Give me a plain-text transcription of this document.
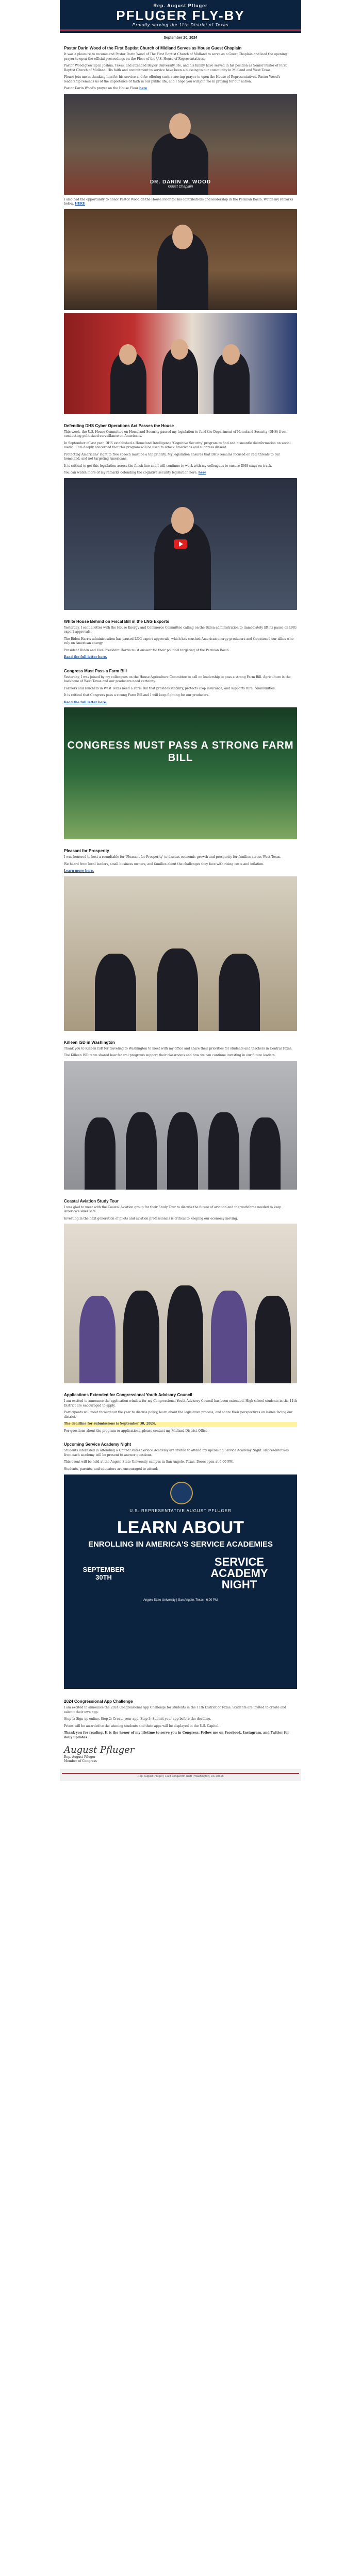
Rep. August Pfluger
PFLUGER FLY-BY
Proudly serving the 11th District of Texas
September 20, 2024
Pastor Darin Wood of the First Baptist Church of Midland Serves as House Guest Chaplain

It was a pleasure to recommend Pastor Darin Wood of The First Baptist Church of Midland to serve as a Guest Chaplain and lead the opening prayer to open the official proceedings on the Floor of the U.S. House of Representatives.

Pastor Wood grew up in Joshua, Texas, and attended Baylor University. He, and his family have served in his position as Senior Pastor of First Baptist Church of Midland. His faith and commitment to service have been a blessing to our community in Midland and West Texas.

Please join me in thanking him for his service and for offering such a moving prayer to open the House of Representatives. Pastor Wood's leadership reminds us of the importance of faith in our public life, and I hope you will join me in praying for our nation.

Pastor Darin Wood's prayer on the House Floor here

DR. DARIN W. WOOD
Guest Chaplain

I also had the opportunity to honor Pastor Wood on the House Floor for his contributions and leadership in the Permian Basin. Watch my remarks below. HERE

Defending DHS Cyber Operations Act Passes the House

This week, the U.S. House Committee on Homeland Security passed my legislation to fund the Department of Homeland Security (DHS) from conducting politicized surveillance on Americans.

In September of last year, DHS established a Homeland Intelligence 'Cognitive Security' program to find and dismantle disinformation on social media. I am deeply concerned that this program will be used to attack Americans and suppress dissent.

Protecting Americans' right to free speech must be a top priority. My legislation ensures that DHS remains focused on real threats to our homeland, and not targeting Americans.

It is critical to get this legislation across the finish line and I will continue to work with my colleagues to ensure DHS stays on track.

You can watch more of my remarks defending the cognitive security legislation here. here

White House Behind on Fiscal Bill in the LNG Exports

Yesterday, I sent a letter with the House Energy and Commerce Committee calling on the Biden administration to immediately lift its pause on LNG export approvals.

The Biden-Harris administration has paused LNG export approvals, which has crushed American energy producers and threatened our allies who rely on American energy.

President Biden and Vice President Harris must answer for their political targeting of the Permian Basin.

Read the full letter here.

Congress Must Pass a Farm Bill

Yesterday, I was joined by my colleagues on the House Agriculture Committee to call on leadership to pass a strong Farm Bill. Agriculture is the backbone of West Texas and our producers need certainty.

Farmers and ranchers in West Texas need a Farm Bill that provides stability, protects crop insurance, and supports rural communities.

It is critical that Congress pass a strong Farm Bill and I will keep fighting for our producers.

Read the full letter here.

CONGRESS MUST PASS A STRONG FARM BILL
Pleasant for Prosperity

I was honored to host a roundtable for 'Pleasant for Prosperity' to discuss economic growth and prosperity for families across West Texas.

We heard from local leaders, small business owners, and families about the challenges they face with rising costs and inflation.

Learn more here.

Killeen ISD in Washington

Thank you to Killeen ISD for traveling to Washington to meet with my office and share their priorities for students and teachers in Central Texas.

The Killeen ISD team shared how federal programs support their classrooms and how we can continue investing in our future leaders.

Coastal Aviation Study Tour

I was glad to meet with the Coastal Aviation group for their Study Tour to discuss the future of aviation and the workforce needed to keep America's skies safe.

Investing in the next generation of pilots and aviation professionals is critical to keeping our economy moving.

Applications Extended for Congressional Youth Advisory Council

I am excited to announce the application window for my Congressional Youth Advisory Council has been extended. High school students in the 11th District are encouraged to apply.

Participants will meet throughout the year to discuss policy, learn about the legislative process, and share their perspectives on issues facing our district.

The deadline for submissions is September 30, 2024.

For questions about the program or applications, please contact my Midland District Office.

Upcoming Service Academy Night

Students interested in attending a United States Service Academy are invited to attend my upcoming Service Academy Night. Representatives from each academy will be present to answer questions.

This event will be held at the Angelo State University campus in San Angelo, Texas. Doors open at 6:00 PM.

Students, parents, and educators are encouraged to attend.

U.S. REPRESENTATIVE AUGUST PFLUGER
LEARN ABOUT
ENROLLING IN AMERICA'S SERVICE ACADEMIES
SEPTEMBER 30TH
SERVICE ACADEMY NIGHT
Angelo State University | San Angelo, Texas | 6:00 PM
2024 Congressional App Challenge

I am excited to announce the 2024 Congressional App Challenge for students in the 11th District of Texas. Students are invited to create and submit their own app.

Step 1: Sign up online. Step 2: Create your app. Step 3: Submit your app before the deadline.

Prizes will be awarded to the winning students and their apps will be displayed in the U.S. Capitol.

Thank you for reading. It is the honor of my lifetime to serve you in Congress. Follow me on Facebook, Instagram, and Twitter for daily updates.

August Pfluger
Rep. August Pfluger
Member of Congress
Rep. August Pfluger | 1124 Longworth HOB | Washington, DC 20515
